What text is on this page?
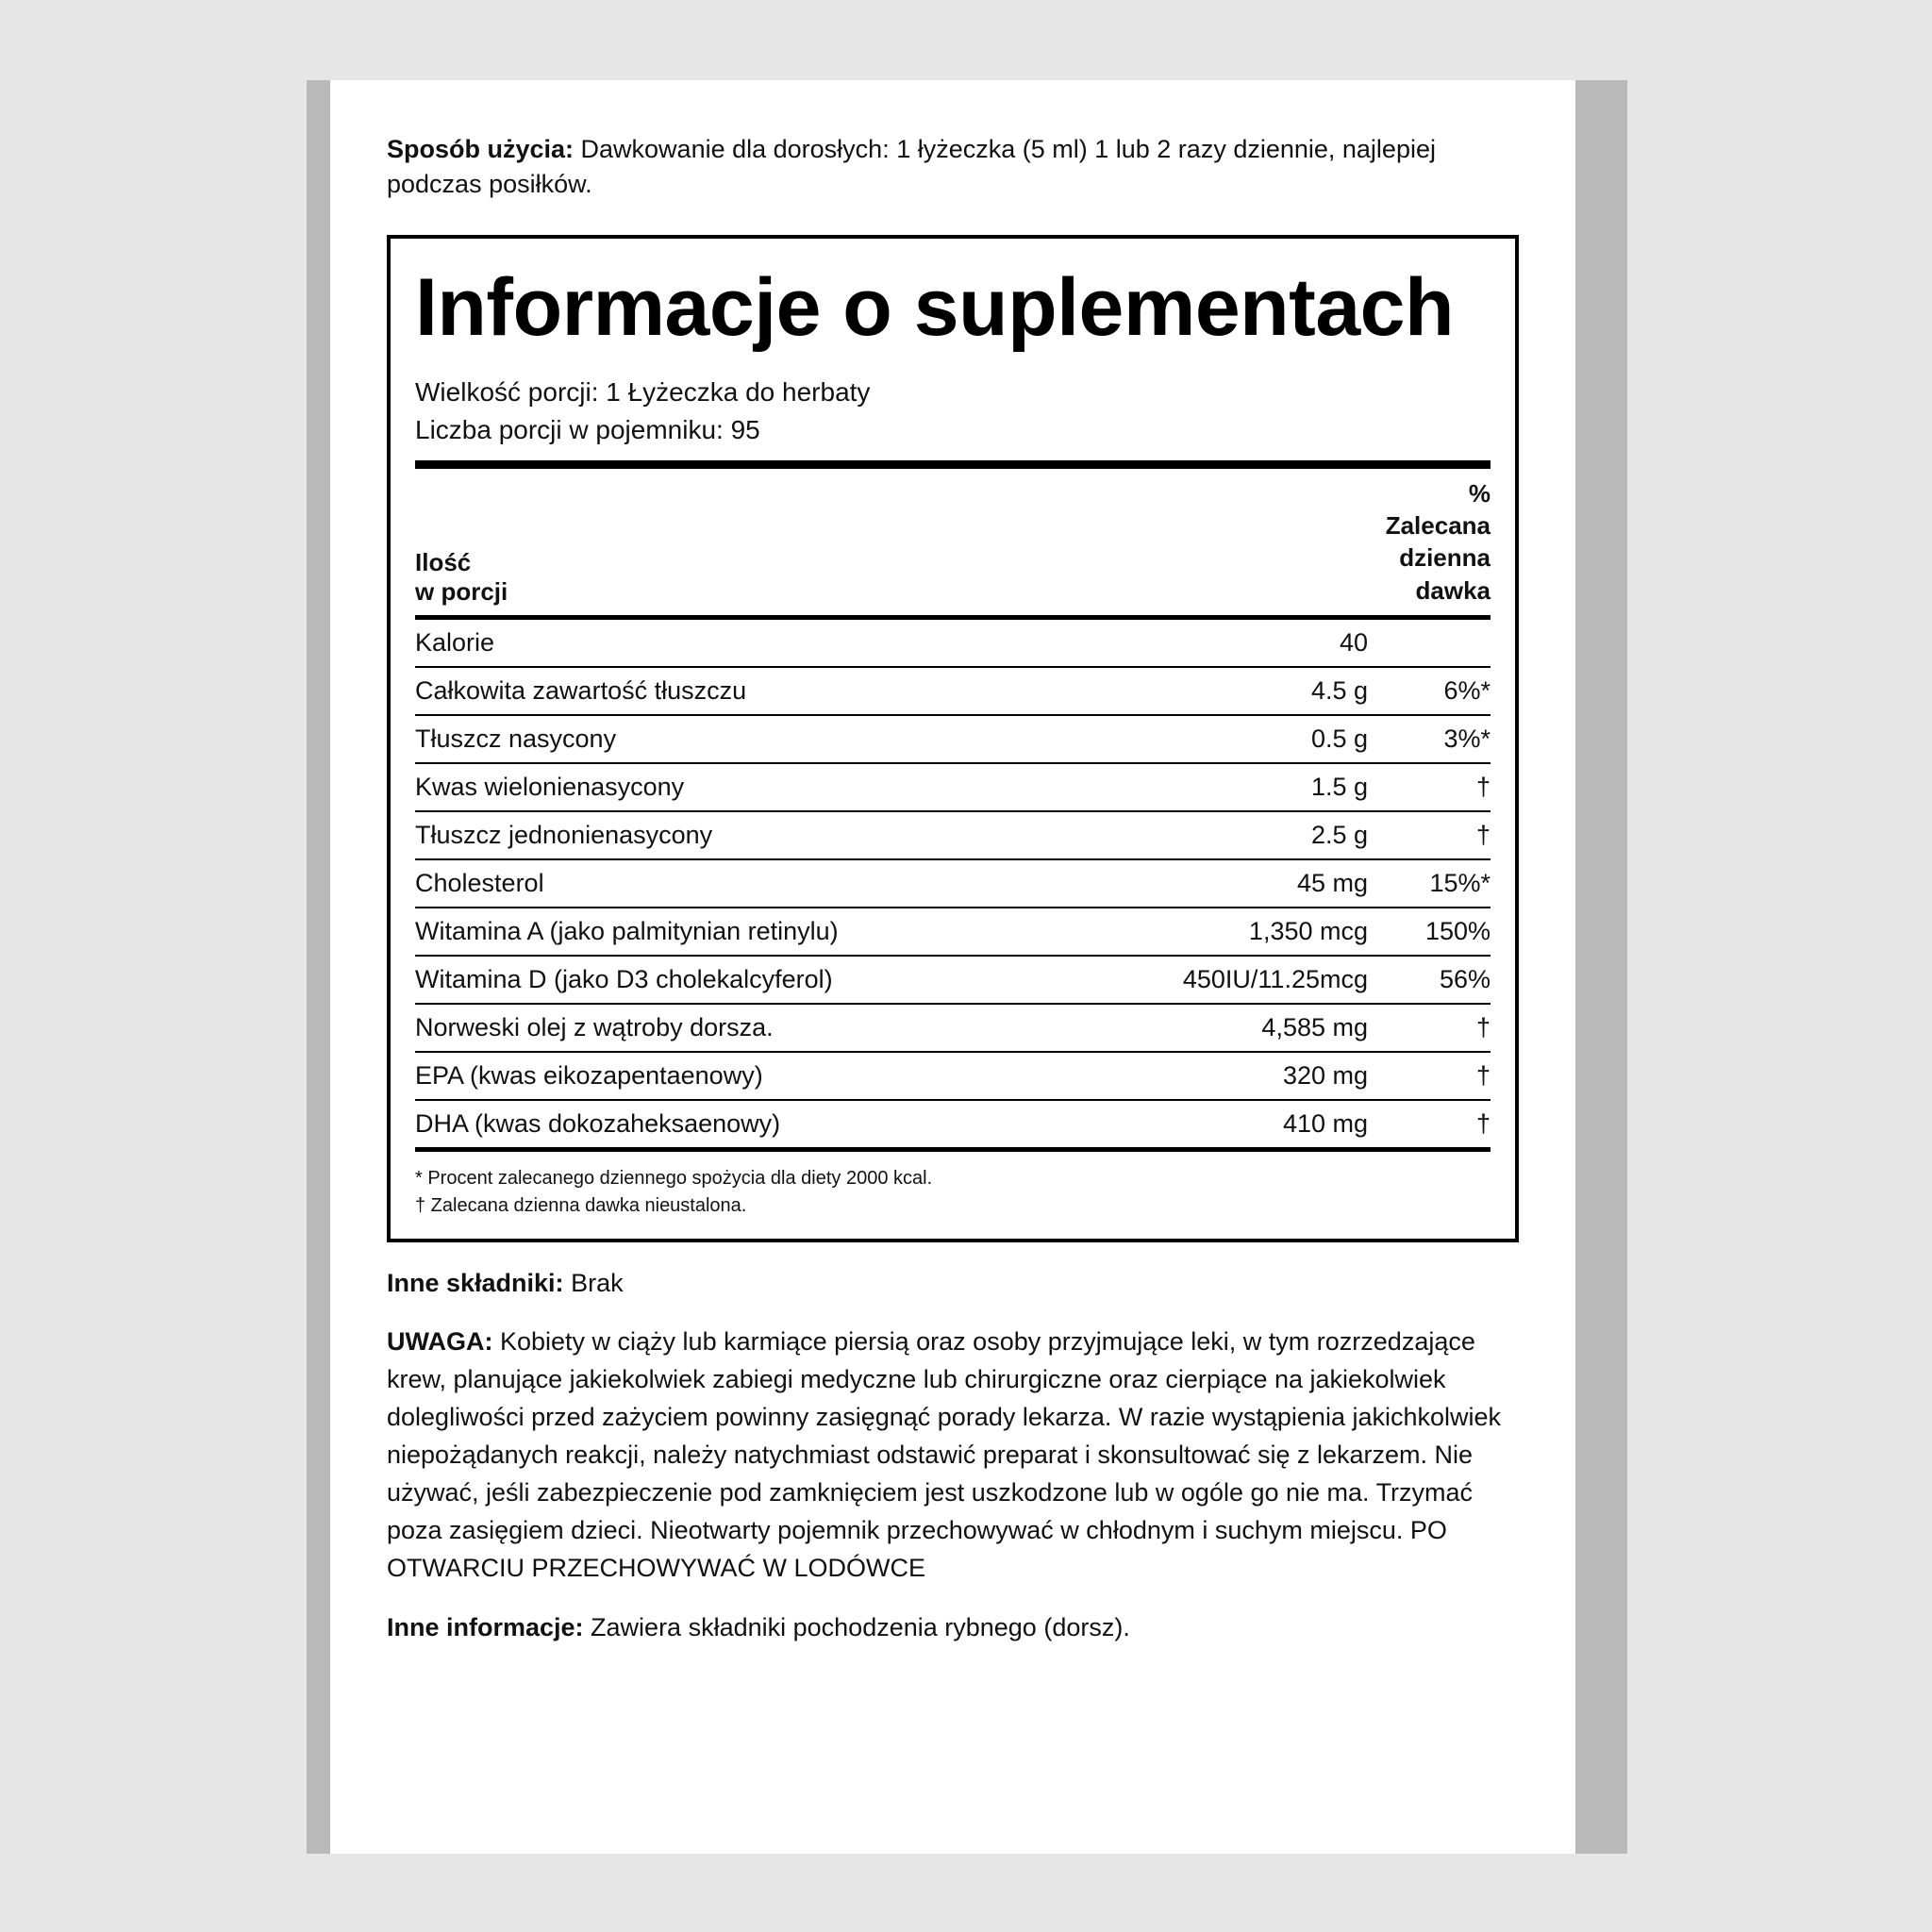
Sposób użycia: Dawkowanie dla dorosłych: 1 łyżeczka (5 ml) 1 lub 2 razy dziennie, najlepiej podczas posiłków.

Informacje o suplementach
Wielkość porcji: 1 Łyżeczka do herbaty
Liczba porcji w pojemniku: 95
Ilość
w porcji

% Zalecana
dzienna
dawka

Kalorie	40	
Całkowita zawartość tłuszczu	4.5 g	6%*
Tłuszcz nasycony	0.5 g	3%*
Kwas wielonienasycony	1.5 g	†
Tłuszcz jednonienasycony	2.5 g	†
Cholesterol	45 mg	15%*
Witamina A (jako palmitynian retinylu)	1,350 mcg	150%
Witamina D (jako D3 cholekalcyferol)	450IU/11.25mcg	56%
Norweski olej z wątroby dorsza.	4,585 mg	†
EPA (kwas eikozapentaenowy)	320 mg	†
DHA (kwas dokozaheksaenowy)	410 mg	†
* Procent zalecanego dziennego spożycia dla diety 2000 kcal.
† Zalecana dzienna dawka nieustalona.

Inne składniki: Brak

UWAGA: Kobiety w ciąży lub karmiące piersią oraz osoby przyjmujące leki, w tym rozrzedzające krew, planujące jakiekolwiek zabiegi medyczne lub chirurgiczne oraz cierpiące na jakiekolwiek dolegliwości przed zażyciem powinny zasięgnąć porady lekarza. W razie wystąpienia jakichkolwiek niepożądanych reakcji, należy natychmiast odstawić preparat i skonsultować się z lekarzem. Nie używać, jeśli zabezpieczenie pod zamknięciem jest uszkodzone lub w ogóle go nie ma. Trzymać poza zasięgiem dzieci. Nieotwarty pojemnik przechowywać w chłodnym i suchym miejscu. PO OTWARCIU PRZECHOWYWAĆ W LODÓWCE

Inne informacje: Zawiera składniki pochodzenia rybnego (dorsz).
